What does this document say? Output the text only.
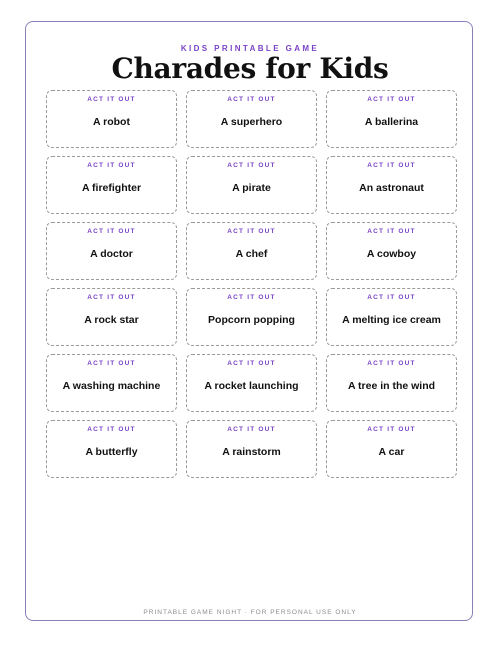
KIDS PRINTABLE GAME
Charades for Kids
ACT IT OUT
A robot
ACT IT OUT
A superhero
ACT IT OUT
A ballerina
ACT IT OUT
A firefighter
ACT IT OUT
A pirate
ACT IT OUT
An astronaut
ACT IT OUT
A doctor
ACT IT OUT
A chef
ACT IT OUT
A cowboy
ACT IT OUT
A rock star
ACT IT OUT
Popcorn popping
ACT IT OUT
A melting ice cream
ACT IT OUT
A washing machine
ACT IT OUT
A rocket launching
ACT IT OUT
A tree in the wind
ACT IT OUT
A butterfly
ACT IT OUT
A rainstorm
ACT IT OUT
A car
PRINTABLE GAME NIGHT · FOR PERSONAL USE ONLY
